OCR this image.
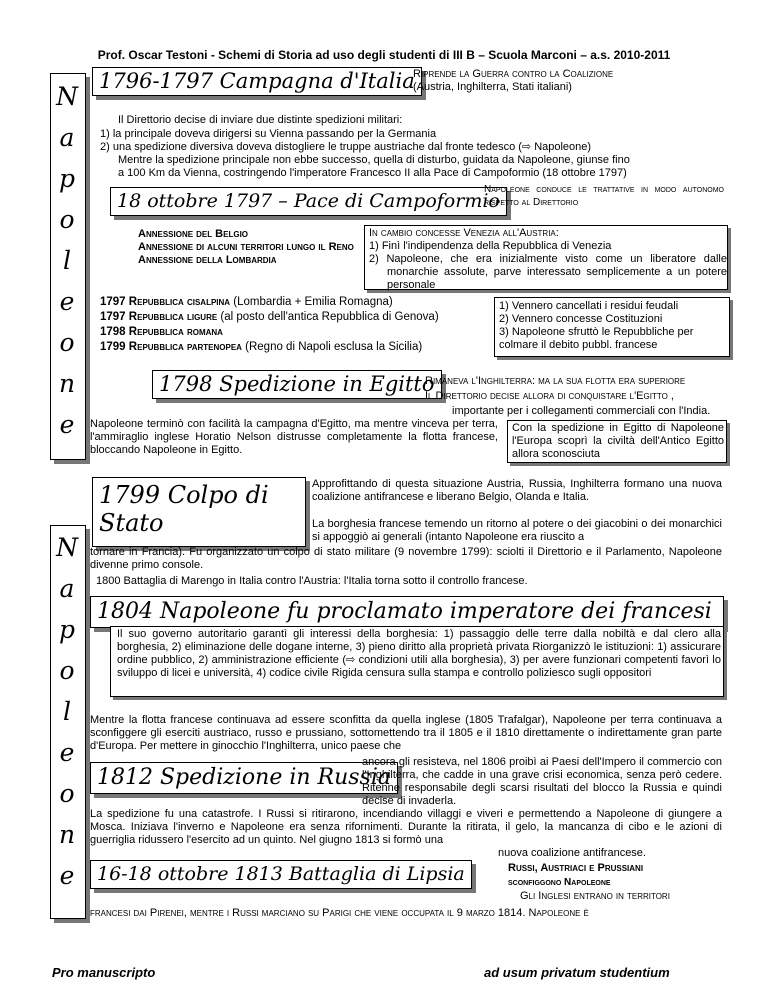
Prof. Oscar Testoni - Schemi di Storia ad uso degli studenti di III B – Scuola Marconi – a.s. 2010-2011
N
a
p
o
l
e
o
n
e
N
a
p
o
l
e
o
n
e
1796-1797 Campagna d'Italia
Riprende la Guerra contro la Coalizione
(Austria, Inghilterra, Stati italiani)
Il Direttorio decise di inviare due distinte spedizioni militari:
1) la principale doveva dirigersi su Vienna passando per la Germania
2) una spedizione diversiva doveva distogliere le truppe austriache dal fronte tedesco (⇨ Napoleone)
Mentre la spedizione principale non ebbe successo, quella di disturbo, guidata da Napoleone, giunse fino
a 100 Km da Vienna, costringendo l'imperatore Francesco II alla Pace di Campoformio (18 ottobre 1797)
18 ottobre 1797 – Pace di Campoformio
Napoleone conduce le trattative in modo autonomo rispetto al Direttorio
Annessione del Belgio
Annessione di alcuni territori lungo il Reno
Annessione della Lombardia
In cambio concesse Venezia all'Austria:
1) Finì l'indipendenza della Repubblica di Venezia
2) Napoleone, che era inizialmente visto come un liberatore dalle monarchie assolute, parve interessato semplicemente a un potere personale
1797 Repubblica cisalpina (Lombardia + Emilia Romagna)
1797 Repubblica ligure (al posto dell'antica Repubblica di Genova)
1798 Repubblica romana
1799 Repubblica partenopea (Regno di Napoli esclusa la Sicilia)
1) Vennero cancellati i residui feudali
2) Vennero concesse Costituzioni
3) Napoleone sfruttò le Repubbliche per colmare il debito pubbl. francese
1798 Spedizione in Egitto
Rimaneva l'Inghilterra: ma la sua flotta era superiore
Il Direttorio decise allora di conquistare l'Egitto ,
importante per i collegamenti commerciali con l'India.
Napoleone terminò con facilità la campagna d'Egitto, ma mentre vinceva per terra, l'ammiraglio inglese Horatio Nelson distrusse completamente la flotta francese, bloccando Napoleone in Egitto.
Con la spedizione in Egitto di Napoleone l'Europa scoprì la civiltà dell'Antico Egitto allora sconosciuta
1799 Colpo di
Stato
Approfittando di questa situazione Austria, Russia, Inghilterra formano una nuova coalizione antifrancese e liberano Belgio, Olanda e Italia.
La borghesia francese temendo un ritorno al potere o dei giacobini o dei monarchici si appoggiò ai generali (intanto Napoleone era riuscito a
tornare in Francia). Fu organizzato un colpo di stato militare (9 novembre 1799): sciolti il Direttorio e il Parlamento, Napoleone divenne primo console.
1800 Battaglia di Marengo in Italia contro l'Austria: l'Italia torna sotto il controllo francese.
1804 Napoleone fu proclamato imperatore dei francesi
Il suo governo autoritario garantì gli interessi della borghesia: 1) passaggio delle terre dalla nobiltà e dal clero alla borghesia, 2) eliminazione delle dogane interne, 3) pieno diritto alla proprietà privata Riorganizzò le istituzioni: 1) assicurare ordine pubblico, 2) amministrazione efficiente (⇨ condizioni utili alla borghesia), 3) per avere funzionari competenti favorì lo sviluppo di licei e università, 4) codice civile Rigida censura sulla stampa e controllo poliziesco sugli oppositori
Mentre la flotta francese continuava ad essere sconfitta da quella inglese (1805 Trafalgar), Napoleone per terra continuava a sconfiggere gli eserciti austriaco, russo e prussiano, sottomettendo tra il 1805 e il 1810 direttamente o indirettamente gran parte d'Europa. Per mettere in ginocchio l'Inghilterra, unico paese che
1812 Spedizione in Russia
ancora gli resisteva, nel 1806 proibì ai Paesi dell'Impero il commercio con l'Inghilterra, che cadde in una grave crisi economica, senza però cedere. Ritenne responsabile degli scarsi risultati del blocco la Russia e quindi decise di invaderla.
La spedizione fu una catastrofe. I Russi si ritirarono, incendiando villaggi e viveri e permettendo a Napoleone di giungere a Mosca. Iniziava l'inverno e Napoleone era senza rifornimenti. Durante la ritirata, il gelo, la mancanza di cibo e le azioni di guerriglia ridussero l'esercito ad un quinto. Nel giugno 1813 si formò una
nuova coalizione antifrancese.
16-18 ottobre 1813 Battaglia di Lipsia	Russi, Austriaci e Prussiani
sconfiggono Napoleone
Gli Inglesi entrano in territori
francesi dai Pirenei, mentre i Russi marciano su Parigi che viene occupata il 9 marzo 1814. Napoleone è
Pro manuscripto	ad usum privatum studentium
